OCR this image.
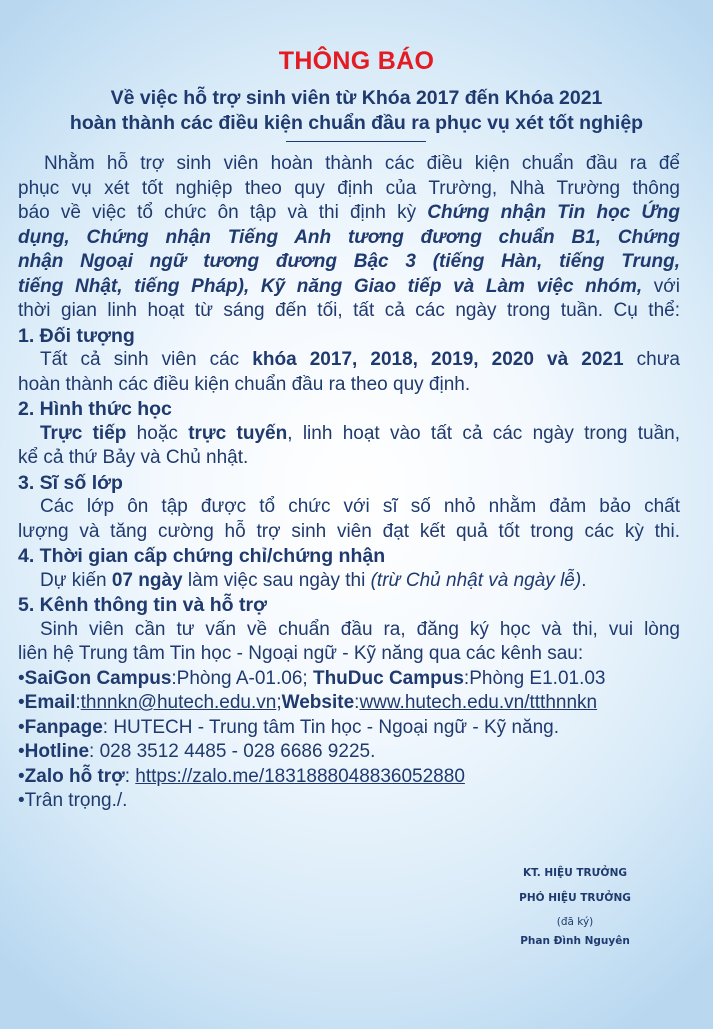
THÔNG BÁO
Về việc hỗ trợ sinh viên từ Khóa 2017 đến Khóa 2021
hoàn thành các điều kiện chuẩn đầu ra phục vụ xét tốt nghiệp

Nhằm hỗ trợ sinh viên hoàn thành các điều kiện chuẩn đầu ra để

phục vụ xét tốt nghiệp theo quy định của Trường, Nhà Trường thông

báo về việc tổ chức ôn tập và thi định kỳ Chứng nhận Tin học Ứng

dụng, Chứng nhận Tiếng Anh tương đương chuẩn B1, Chứng

nhận Ngoại ngữ tương đương Bậc 3 (tiếng Hàn, tiếng Trung,

tiếng Nhật, tiếng Pháp), Kỹ năng Giao tiếp và Làm việc nhóm, với

thời gian linh hoạt từ sáng đến tối, tất cả các ngày trong tuần. Cụ thể:

1. Đối tượng

Tất cả sinh viên các khóa 2017, 2018, 2019, 2020 và 2021 chưa

hoàn thành các điều kiện chuẩn đầu ra theo quy định.

2. Hình thức học

Trực tiếp hoặc trực tuyến, linh hoạt vào tất cả các ngày trong tuần,

kể cả thứ Bảy và Chủ nhật.

3. Sĩ số lớp

Các lớp ôn tập được tổ chức với sĩ số nhỏ nhằm đảm bảo chất

lượng và tăng cường hỗ trợ sinh viên đạt kết quả tốt trong các kỳ thi.

4. Thời gian cấp chứng chỉ/chứng nhận

Dự kiến 07 ngày làm việc sau ngày thi (trừ Chủ nhật và ngày lễ).

5. Kênh thông tin và hỗ trợ

Sinh viên cần tư vấn về chuẩn đầu ra, đăng ký học và thi, vui lòng

liên hệ Trung tâm Tin học - Ngoại ngữ - Kỹ năng qua các kênh sau:

•SaiGon Campus:Phòng A-01.06; ThuDuc Campus:Phòng E1.01.03

•Email:thnnkn@hutech.edu.vn;Website:www.hutech.edu.vn/ttthnnkn

•Fanpage: HUTECH - Trung tâm Tin học - Ngoại ngữ - Kỹ năng.

•Hotline: 028 3512 4485 - 028 6686 9225.

•Zalo hỗ trợ: https://zalo.me/1831888048836052880

•Trân trọng./.

KT. HIỆU TRƯỞNG
PHÓ HIỆU TRƯỞNG
(đã ký)
Phan Đình Nguyên
